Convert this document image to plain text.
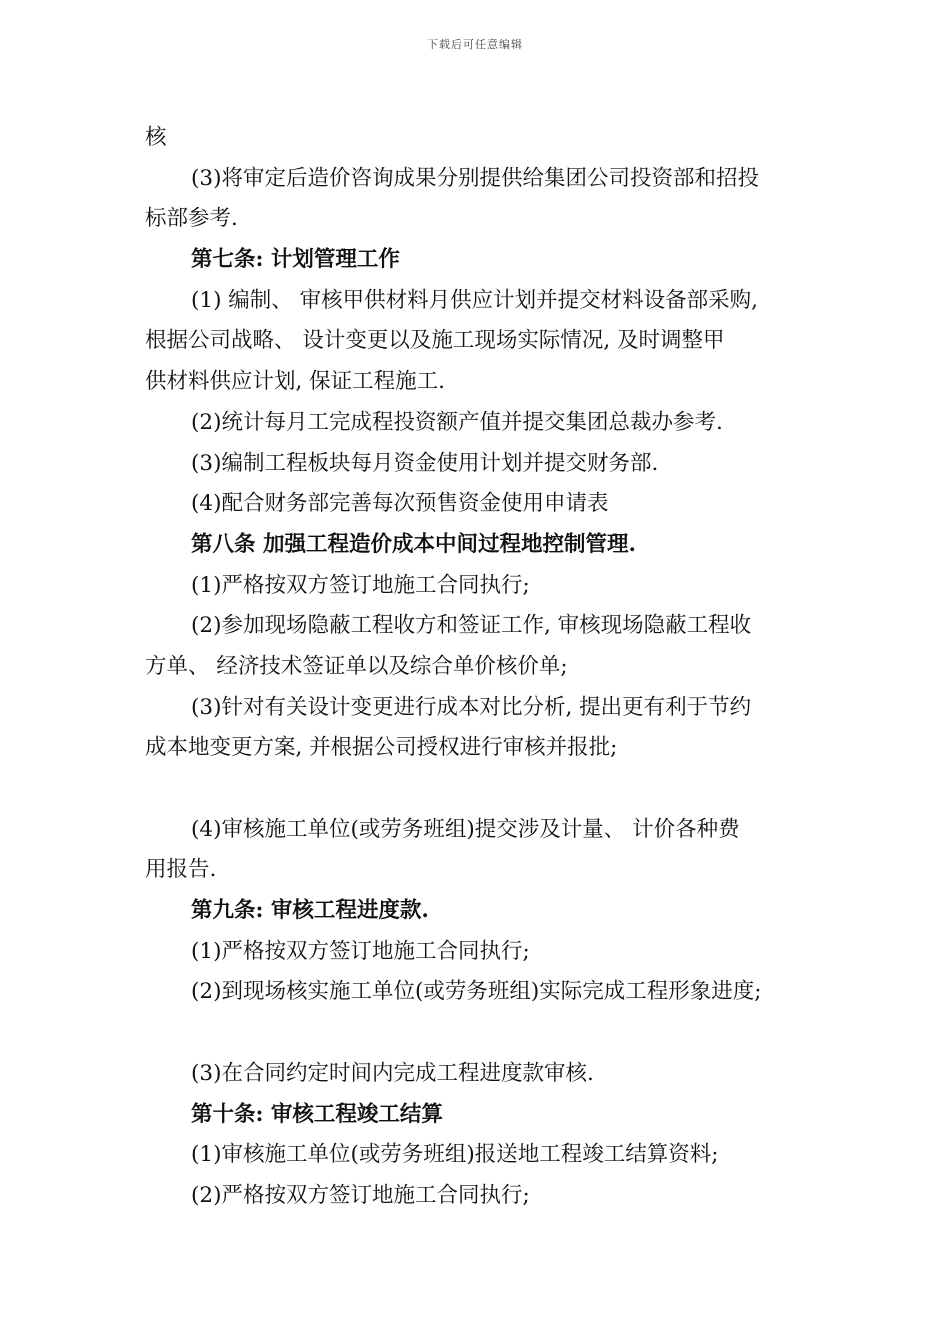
下载后可任意编辑
核
(3)将审定后造价咨询成果分别提供给集团公司投资部和招投
标部参考.
第七条: 计划管理工作
(1) 编制、 审核甲供材料月供应计划并提交材料设备部采购,
根据公司战略、 设计变更以及施工现场实际情况, 及时调整甲
供材料供应计划, 保证工程施工.
(2)统计每月工完成程投资额产值并提交集团总裁办参考.
(3)编制工程板块每月资金使用计划并提交财务部.
(4)配合财务部完善每次预售资金使用申请表
第八条 加强工程造价成本中间过程地控制管理.
(1)严格按双方签订地施工合同执行;
(2)参加现场隐蔽工程收方和签证工作, 审核现场隐蔽工程收
方单、 经济技术签证单以及综合单价核价单;
(3)针对有关设计变更进行成本对比分析, 提出更有利于节约
成本地变更方案, 并根据公司授权进行审核并报批;
(4)审核施工单位(或劳务班组)提交涉及计量、 计价各种费
用报告.
第九条: 审核工程进度款.
(1)严格按双方签订地施工合同执行;
(2)到现场核实施工单位(或劳务班组)实际完成工程形象进度;
(3)在合同约定时间内完成工程进度款审核.
第十条: 审核工程竣工结算
(1)审核施工单位(或劳务班组)报送地工程竣工结算资料;
(2)严格按双方签订地施工合同执行;
